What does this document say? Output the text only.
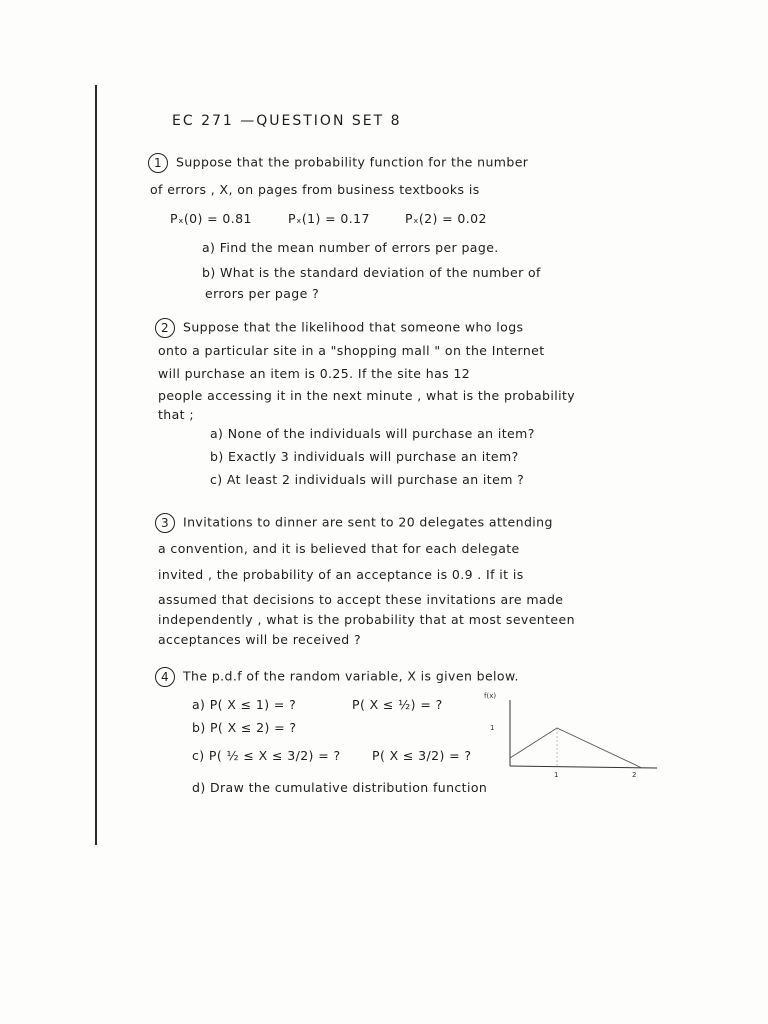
EC 271 —QUESTION SET 8
1 Suppose that the probability function for the number
of errors , X, on pages from business textbooks is
Pₓ(0) = 0.81	Pₓ(1) = 0.17	Pₓ(2) = 0.02
a) Find the mean number of errors per page.
b) What is the standard deviation of the number of
errors per page ?
2 Suppose that the likelihood that someone who logs
onto a particular site in a "shopping mall " on the Internet
will purchase an item is 0.25. If the site has 12
people accessing it in the next minute , what is the probability
that ;
a) None of the individuals will purchase an item?
b) Exactly 3 individuals will purchase an item?
c) At least 2 individuals will purchase an item ?
3 Invitations to dinner are sent to 20 delegates attending
a convention, and it is believed that for each delegate
invited , the probability of an acceptance is 0.9 . If it is
assumed that decisions to accept these invitations are made
independently , what is the probability that at most seventeen
acceptances will be received ?
4 The p.d.f of the random variable, X is given below.
a) P( X ≤ 1) = ?	P( X ≤ ½) = ?
b) P( X ≤ 2) = ?
c) P( ½ ≤ X ≤ 3/2) = ?	P( X ≤ 3/2) = ?
d) Draw the cumulative distribution function
f(x)
1
1	2
